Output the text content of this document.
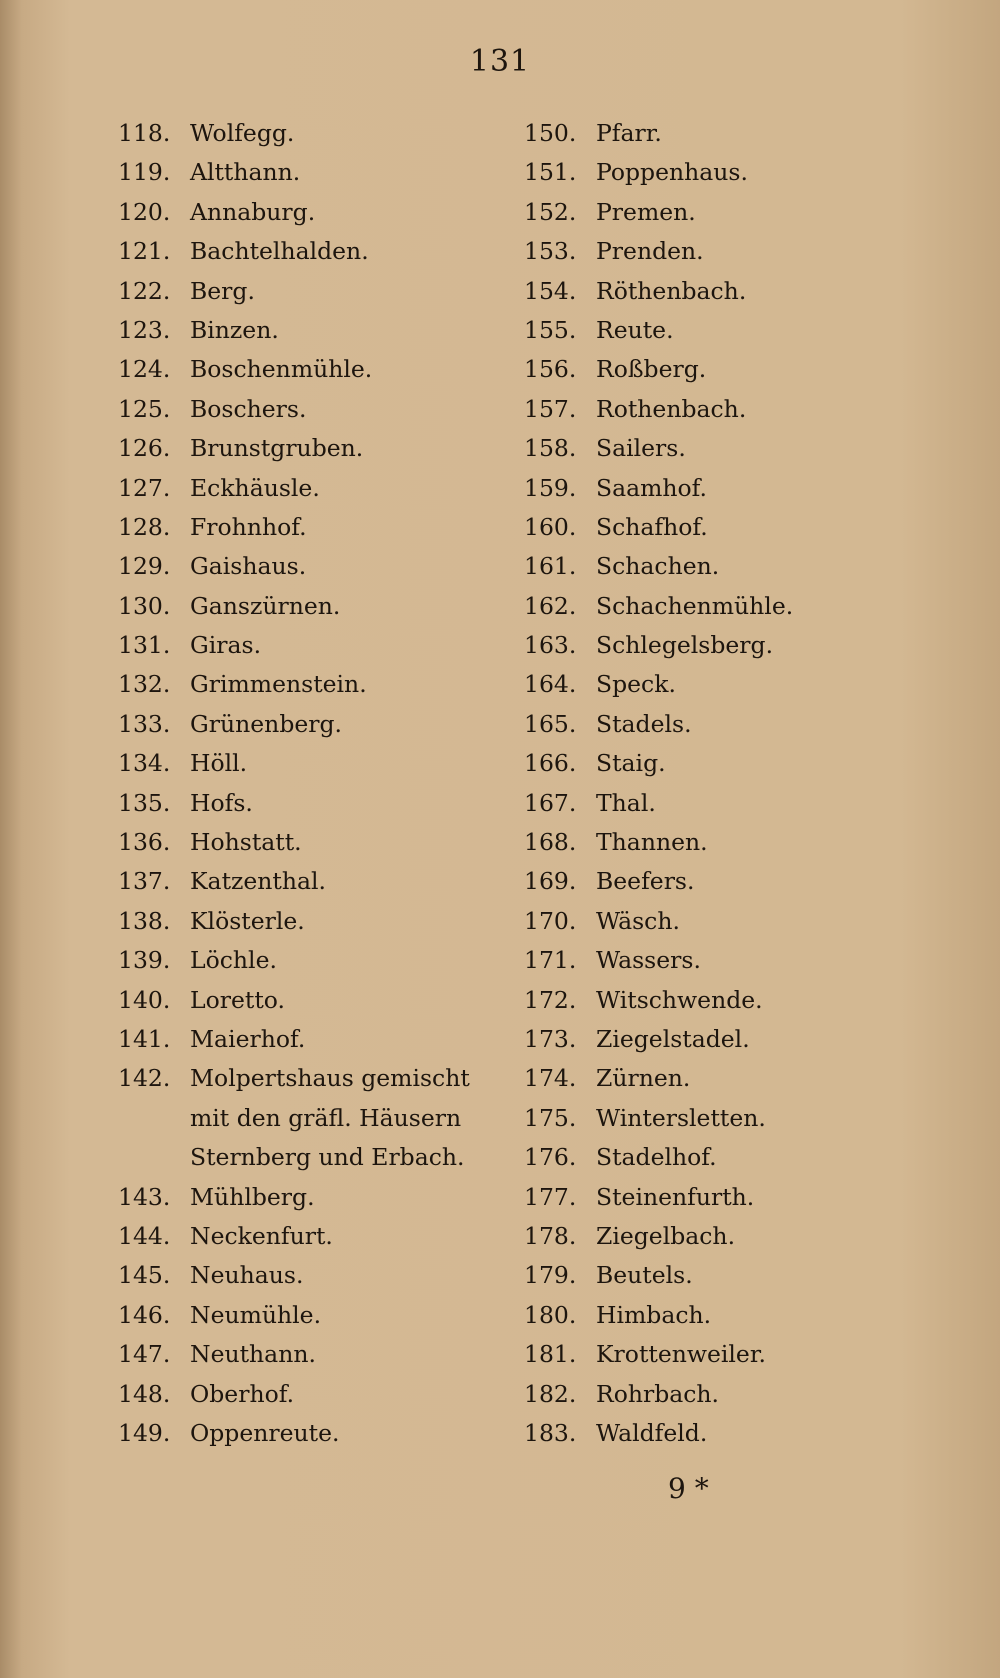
131
118. Wolfegg.
119. Altthann.
120. Annaburg.
121. Bachtelhalden.
122. Berg.
123. Binzen.
124. Boschenmühle.
125. Boschers.
126. Brunstgruben.
127. Eckhäusle.
128. Frohnhof.
129. Gaishaus.
130. Ganszürnen.
131. Giras.
132. Grimmenstein.
133. Grünenberg.
134. Höll.
135. Hofs.
136. Hohstatt.
137. Katzenthal.
138. Klösterle.
139. Löchle.
140. Loretto.
141. Maierhof.
142. Molpertshaus gemischt
mit den gräfl. Häusern
Sternberg und Erbach.
143. Mühlberg.
144. Neckenfurt.
145. Neuhaus.
146. Neumühle.
147. Neuthann.
148. Oberhof.
149. Oppenreute.
150. Pfarr.
151. Poppenhaus.
152. Premen.
153. Prenden.
154. Röthenbach.
155. Reute.
156. Roßberg.
157. Rothenbach.
158. Sailers.
159. Saamhof.
160. Schafhof.
161. Schachen.
162. Schachenmühle.
163. Schlegelsberg.
164. Speck.
165. Stadels.
166. Staig.
167. Thal.
168. Thannen.
169. Beefers.
170. Wäsch.
171. Wassers.
172. Witschwende.
173. Ziegelstadel.
174. Zürnen.
175. Wintersletten.
176. Stadelhof.
177. Steinenfurth.
178. Ziegelbach.
179. Beutels.
180. Himbach.
181. Krottenweiler.
182. Rohrbach.
183. Waldfeld.
9 *
